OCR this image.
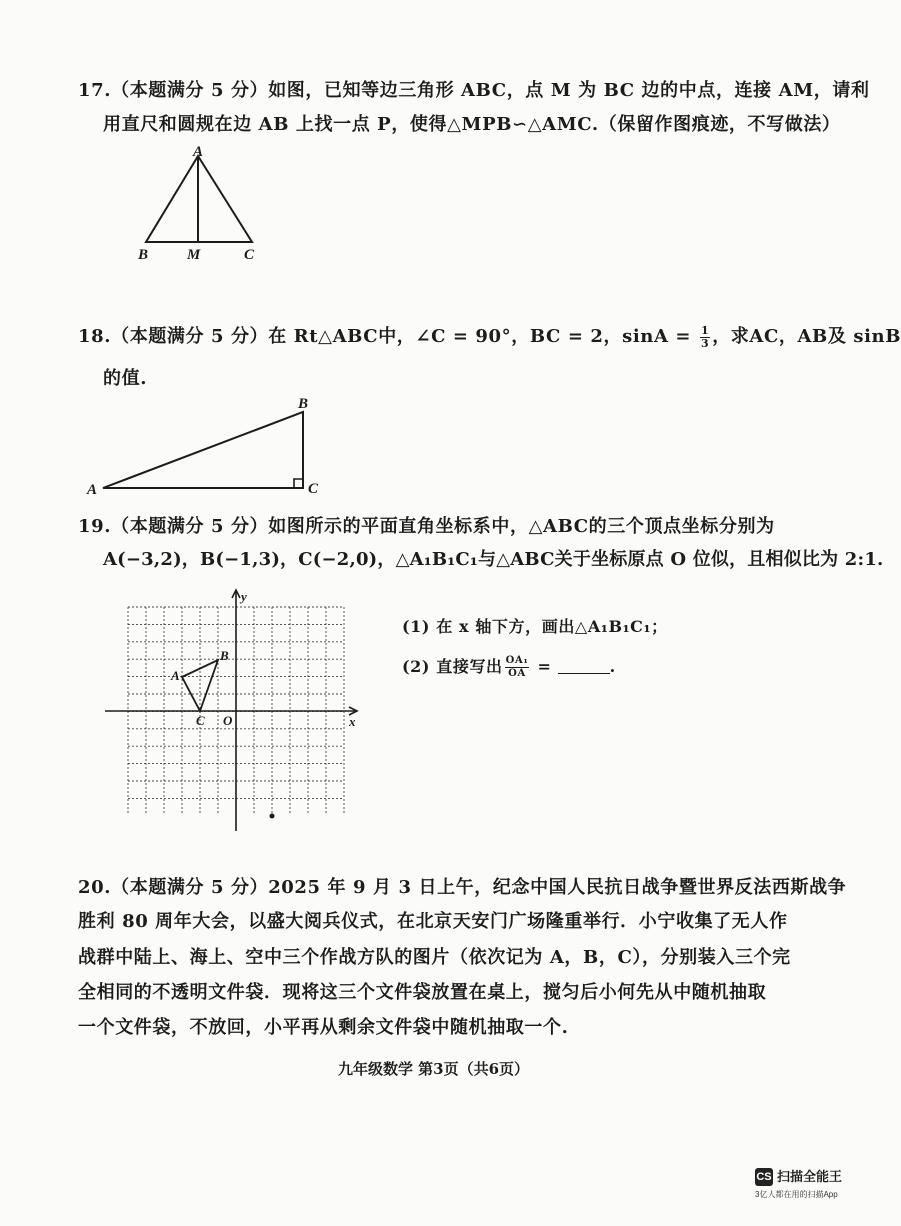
17.（本题满分 5 分）如图，已知等边三角形 ABC，点 M 为 BC 边的中点，连接 AM，请利
用直尺和圆规在边 AB 上找一点 P，使得△MPB∽△AMC.（保留作图痕迹，不写做法）
A
B	M	C
18.（本题满分 5 分）在 Rt△ABC中，∠C = 90°，BC = 2，$\sin A = \frac{1}{3}$ ，求AC，AB及 sinB
的值.
A
B
C
19.（本题满分 5 分）如图所示的平面直角坐标系中，△ABC的三个顶点坐标分别为
A(−3,2)，B(−1,3)，C(−2,0)，△A₁B₁C₁与△ABC关于坐标原点 O 位似，且相似比为 2:1.
y
x
O
A
B
C
(1) 在 x 轴下方，画出△A₁B₁C₁；
(2) 直接写出 $\frac{\text{OA₁}}{OA}$ =	.
20.（本题满分 5 分）2025 年 9 月 3 日上午，纪念中国人民抗日战争暨世界反法西斯战争
胜利 80 周年大会，以盛大阅兵仪式，在北京天安门广场隆重举行．小宁收集了无人作
战群中陆上、海上、空中三个作战方队的图片（依次记为 A，B，C），分别装入三个完
全相同的不透明文件袋．现将这三个文件袋放置在桌上，搅匀后小何先从中随机抽取
一个文件袋，不放回，小平再从剩余文件袋中随机抽取一个.
九年级数学 第3页（共6页）
CS 扫描全能王
3亿人都在用的扫描App
